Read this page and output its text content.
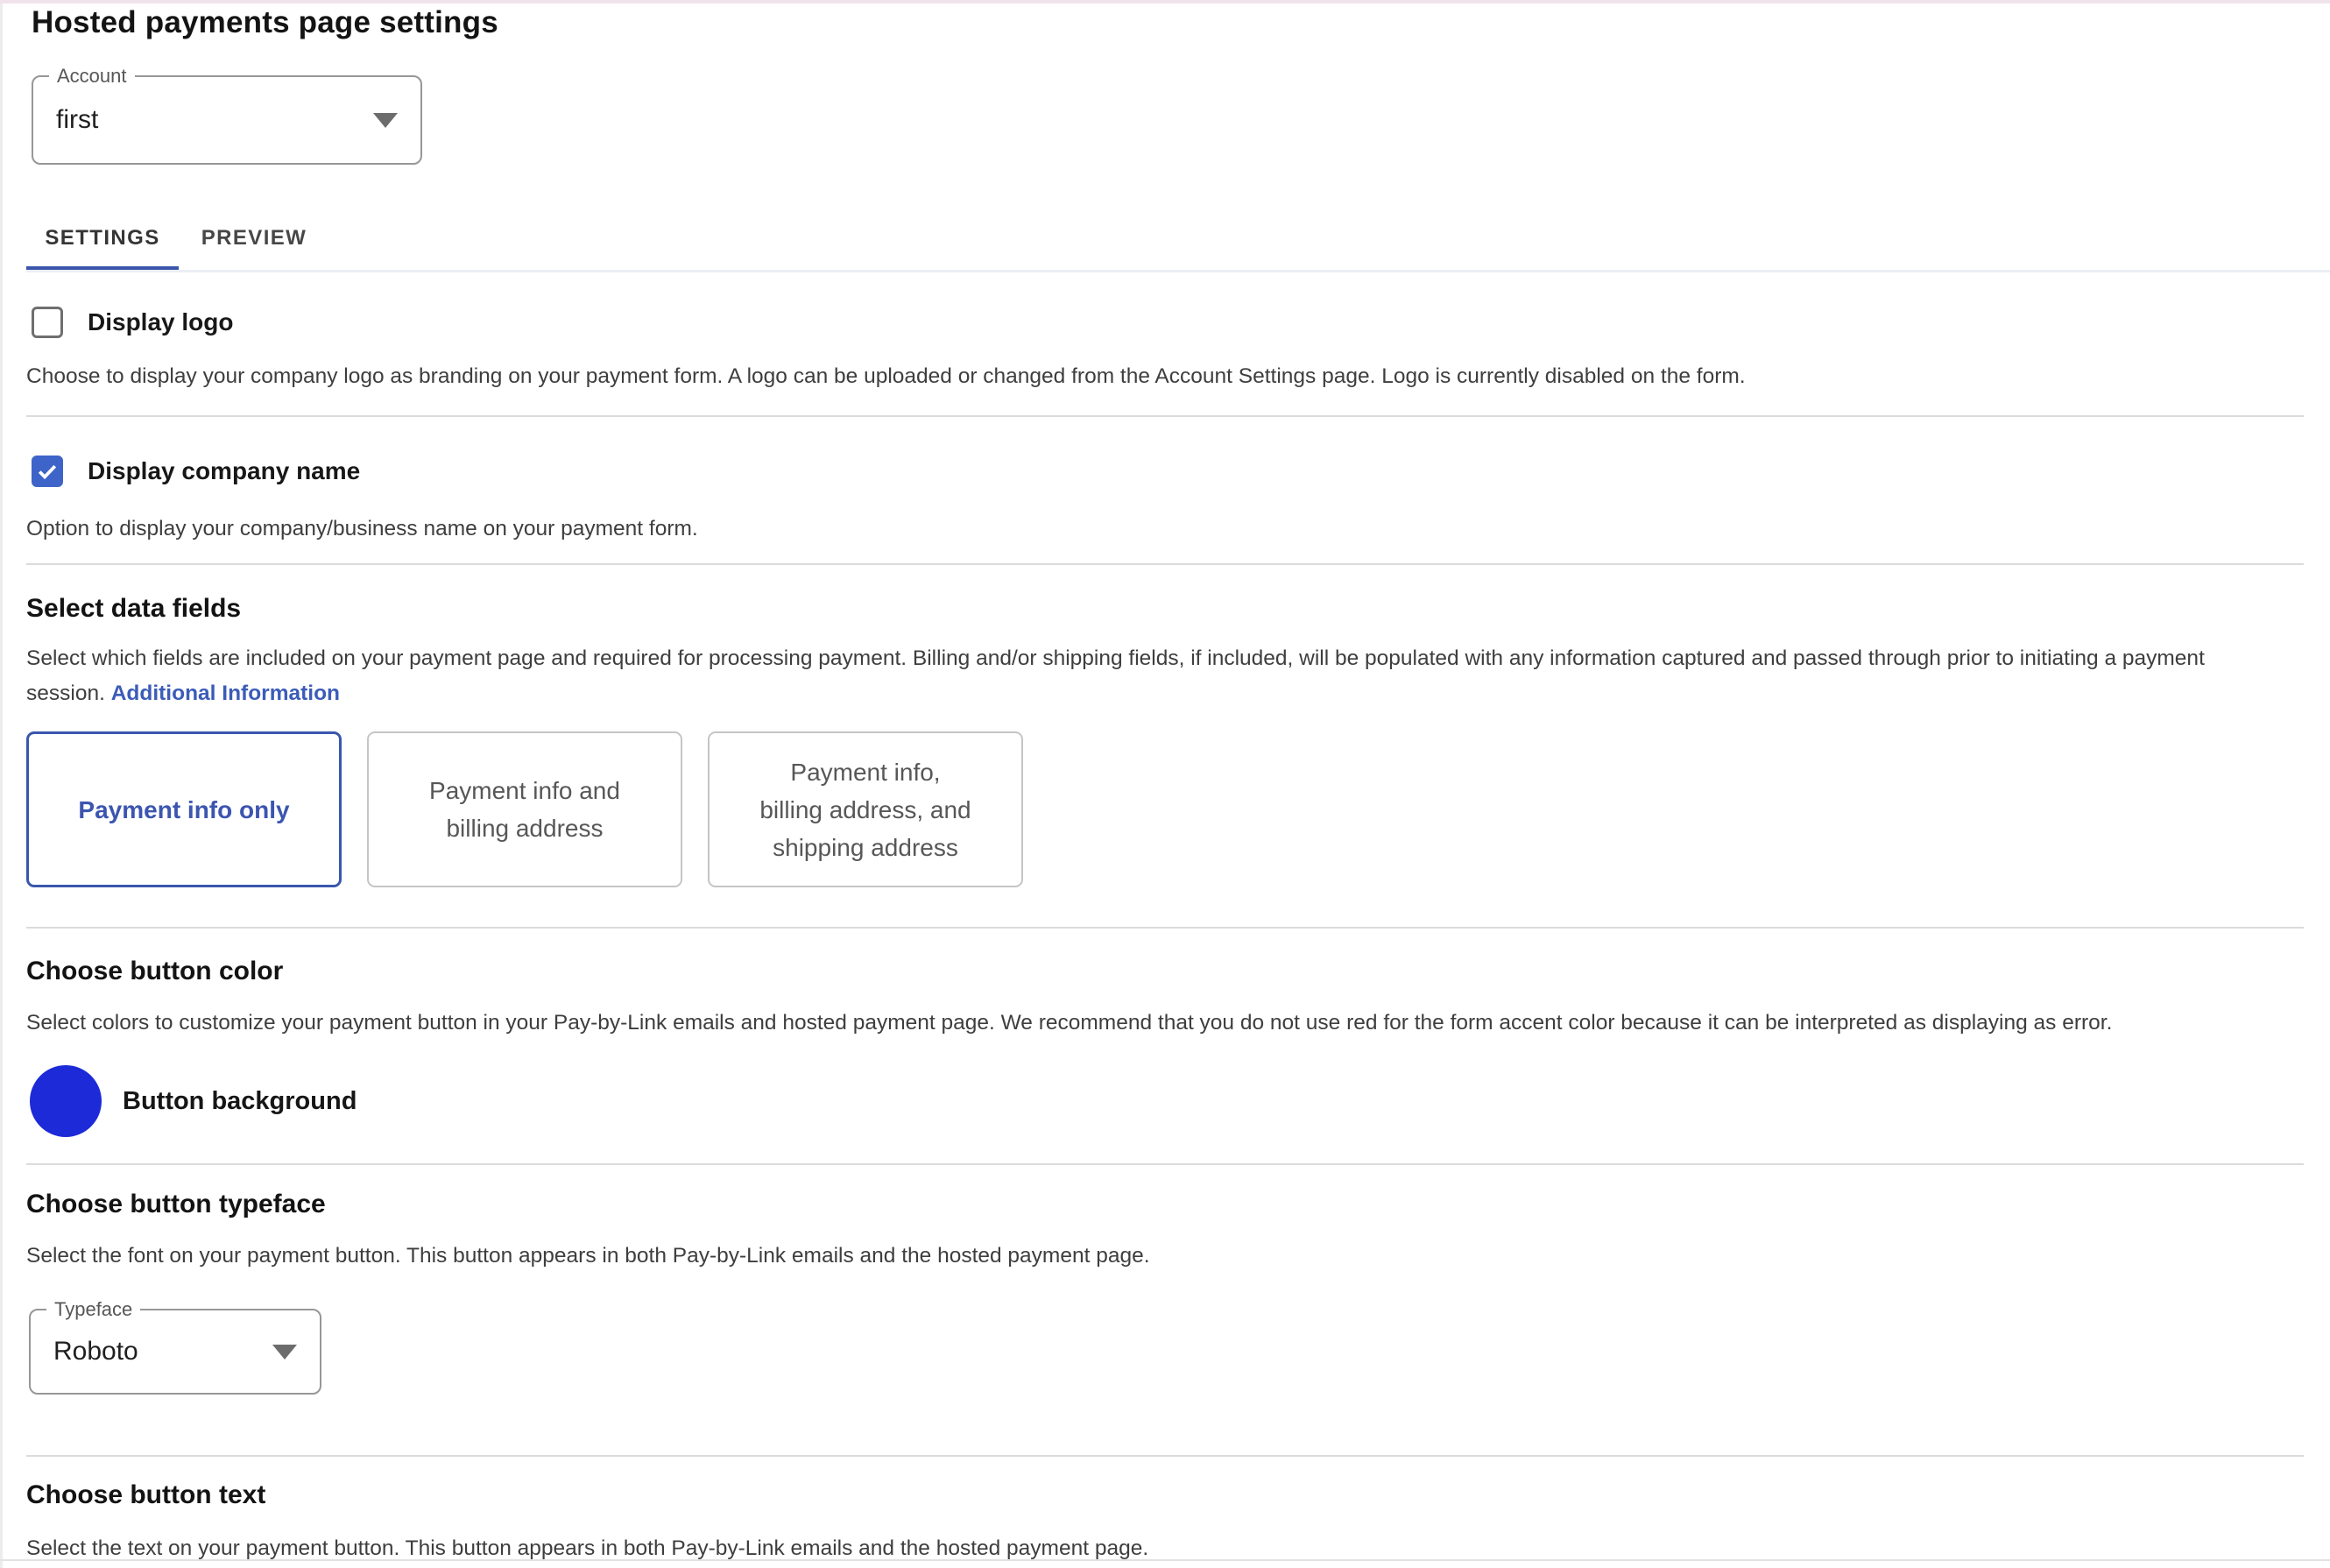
Hosted payments page settings
Account
first
SETTINGS	PREVIEW
Display logo

Choose to display your company logo as branding on your payment form. A logo can be uploaded or changed from the Account Settings page. Logo is currently disabled on the form.

Display company name

Option to display your company/business name on your payment form.

Select data fields

Select which fields are included on your payment page and required for processing payment. Billing and/or shipping fields, if included, will be populated with any information captured and passed through prior to initiating a payment session. Additional Information

Payment info only
Payment info and
billing address
Payment info,
billing address, and
shipping address
Choose button color

Select colors to customize your payment button in your Pay-by-Link emails and hosted payment page. We recommend that you do not use red for the form accent color because it can be interpreted as displaying as error.

Button background
Choose button typeface

Select the font on your payment button. This button appears in both Pay-by-Link emails and the hosted payment page.

Typeface
Roboto
Choose button text

Select the text on your payment button. This button appears in both Pay-by-Link emails and the hosted payment page.
